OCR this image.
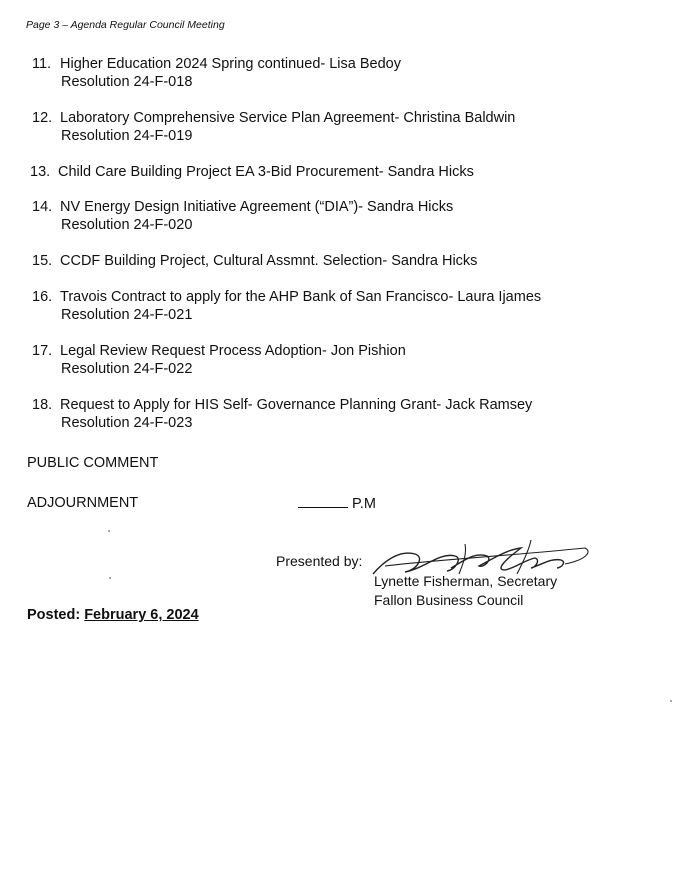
Page 3 – Agenda Regular Council Meeting
11. Higher Education 2024 Spring continued- Lisa Bedoy
Resolution 24-F-018
12. Laboratory Comprehensive Service Plan Agreement- Christina Baldwin
Resolution 24-F-019
13. Child Care Building Project EA 3-Bid Procurement- Sandra Hicks
14. NV Energy Design Initiative Agreement (“DIA”)- Sandra Hicks
Resolution 24-F-020
15. CCDF Building Project, Cultural Assmnt. Selection- Sandra Hicks
16. Travois Contract to apply for the AHP Bank of San Francisco- Laura Ijames
Resolution 24-F-021
17. Legal Review Request Process Adoption- Jon Pishion
Resolution 24-F-022
18. Request to Apply for HIS Self- Governance Planning Grant- Jack Ramsey
Resolution 24-F-023
PUBLIC COMMENT
ADJOURNMENT	P.M
Presented by:
Lynette Fisherman, Secretary
Fallon Business Council
Posted: February 6, 2024
